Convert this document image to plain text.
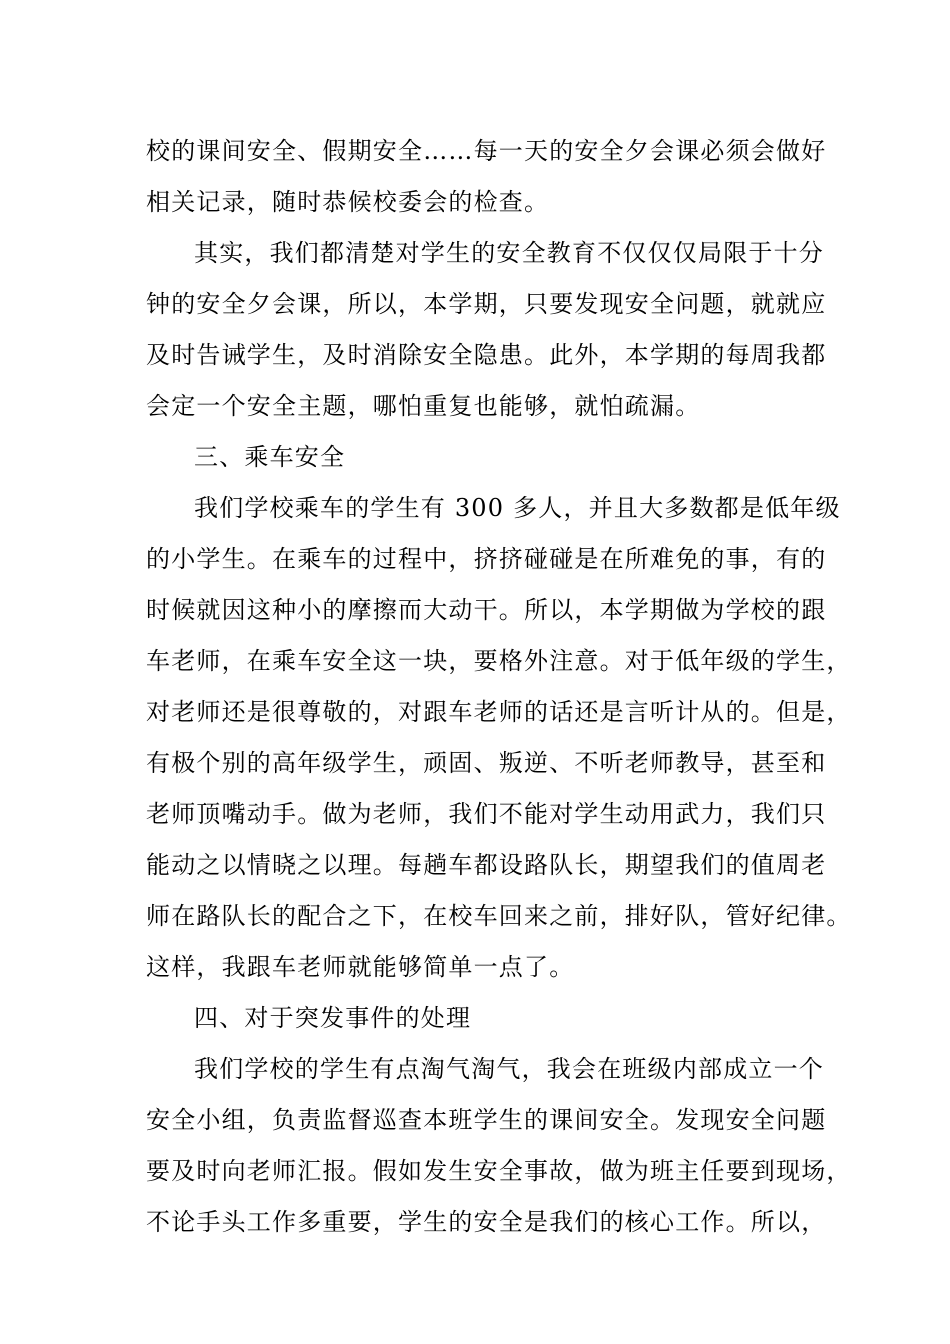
校的课间安全、假期安全……每一天的安全夕会课必须会做好
相关记录，随时恭候校委会的检查。
其实，我们都清楚对学生的安全教育不仅仅仅局限于十分
钟的安全夕会课，所以，本学期，只要发现安全问题，就就应
及时告诫学生，及时消除安全隐患。此外，本学期的每周我都
会定一个安全主题，哪怕重复也能够，就怕疏漏。
三、乘车安全
我们学校乘车的学生有 300 多人，并且大多数都是低年级
的小学生。在乘车的过程中，挤挤碰碰是在所难免的事，有的
时候就因这种小的摩擦而大动干。所以，本学期做为学校的跟
车老师，在乘车安全这一块，要格外注意。对于低年级的学生，
对老师还是很尊敬的，对跟车老师的话还是言听计从的。但是，
有极个别的高年级学生，顽固、叛逆、不听老师教导，甚至和
老师顶嘴动手。做为老师，我们不能对学生动用武力，我们只
能动之以情晓之以理。每趟车都设路队长，期望我们的值周老
师在路队长的配合之下，在校车回来之前，排好队，管好纪律。
这样，我跟车老师就能够简单一点了。
四、对于突发事件的处理
我们学校的学生有点淘气淘气，我会在班级内部成立一个
安全小组，负责监督巡查本班学生的课间安全。发现安全问题
要及时向老师汇报。假如发生安全事故，做为班主任要到现场，
不论手头工作多重要，学生的安全是我们的核心工作。所以，
